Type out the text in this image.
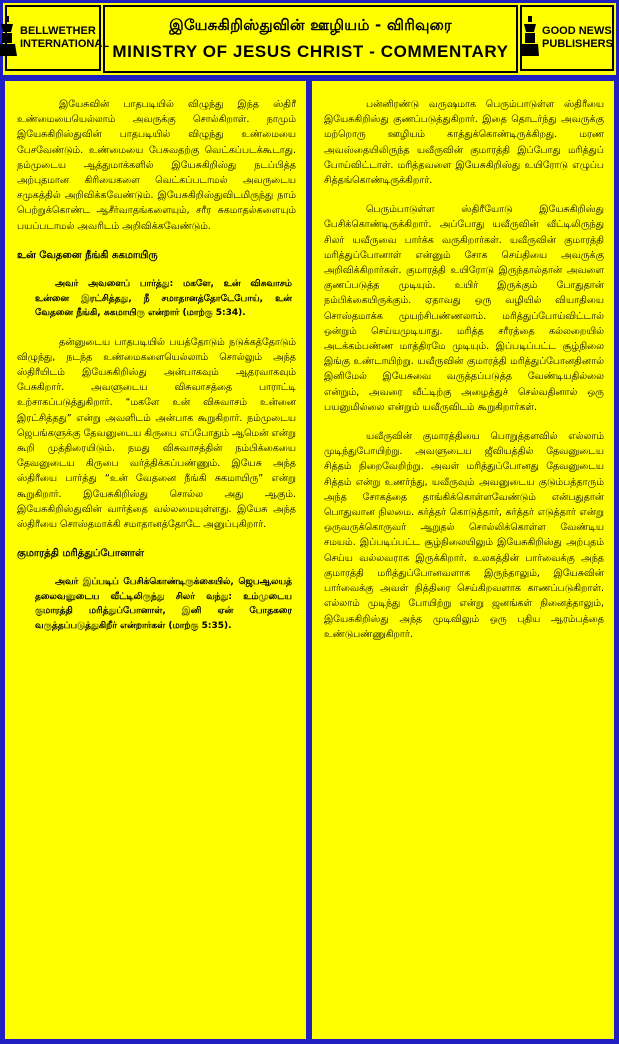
BELLWETHER
INTERNATIONAL
இயேசுகிறிஸ்துவின் ஊழியம் - விரிவுரை
MINISTRY OF JESUS CHRIST - COMMENTARY
GOOD NEWS
PUBLISHERS

இயேசுவின் பாதபடியில் விழுந்து இந்த ஸ்திரீ உண்மையையெல்லாம் அவருக்கு சொல்கிறாள். நாமும் இயேசுகிறிஸ்துவின் பாதபடியில் விழுந்து உண்மையை பேசவேண்டும். உண்மையை பேசுவதற்கு வெட்கப்படக்கூடாது. நம்முடைய ஆத்துமாக்களில் இயேசுகிறிஸ்து நடப்பித்த அற்புதமான கிரியைகளை வெட்கப்படாமல் அவருடைய சமுகத்தில் அறிவிக்கவேண்டும். இயேசுகிறிஸ்துவிடமிருந்து நாம் பெற்றுக்கொண்ட ஆசீர்வாதங்களையும், சரீர சுகமாதல்களையும் பயப்படாமல் அவரிடம் அறிவிக்கவேண்டும்.

உன் வேதனை நீங்கி சுகமாயிரு

அவர் அவளைப் பார்த்து: மகளே, உன் விசுவாசம் உன்னை இரட்சித்தது, நீ சமாதானத்தோடேபோய், உன் வேதனை நீங்கி, சுகமாயிரு என்றார் (மாற்கு 5:34).

தன்னுடைய பாதபடியில் பயத்தோடும் நடுக்கத்தோடும் விழுந்து, நடந்த உண்மைகளையெல்லாம் சொல்லும் அந்த ஸ்திரீயிடம் இயேசுகிறிஸ்து அன்பாகவும் ஆதரவாகவும் பேசுகிறார். அவளுடைய விசுவாசத்தை பாராட்டி உற்சாகப்படுத்துகிறார். “மகளே உன் விசுவாசம் உன்னை இரட்சித்தது” என்று அவளிடம் அன்பாக கூறுகிறார். நம்முடைய ஜெபங்களுக்கு தேவனுடைய கிருபை எப்போதும் ஆமென் என்று கூறி முத்திரையிடும். நமது விசுவாசத்தின் நம்பிக்கையை தேவனுடைய கிருபை வர்த்திக்கப்பண்ணும். இயேசு அந்த ஸ்திரீயை பார்த்து “உன் வேதனை நீங்கி சுகமாயிரு” என்று கூறுகிறார். இயேசுகிறிஸ்து சொல்ல அது ஆகும். இயேசுகிறிஸ்துவின் வார்த்தை வல்லமையுள்ளது. இயேசு அந்த ஸ்திரீயை சொஸ்தமாக்கி சமாதானத்தோடே அனுப்புகிறார்.

குமாரத்தி மரித்துப்போனாள்

அவர் இப்படிப் பேசிக்கொண்டிருக்கையில், ஜெபஆலயத் தலைவனுடைய வீட்டிலிருந்து சிலர் வந்து: உம்முடைய குமாரத்தி மரித்துப்போனாள், இனி ஏன் போதகரை வருத்தப்படுத்துகிறீர் என்றார்கள் (மாற்கு 5:35).

பன்னிரண்டு வருஷமாக பெரும்பாடுள்ள ஸ்திரீயை இயேசுகிறிஸ்து குணப்படுத்துகிறார். இதை தொடர்ந்து அவருக்கு மற்றொரு ஊழியம் காத்துக்கொண்டிருக்கிறது. மரண அவஸ்தையிலிருந்த யவீருவின் குமாரத்தி இப்போது மரித்துப் போய்விட்டாள். மரித்தவளை இயேசுகிறிஸ்து உயிரோடு எழுப்ப சித்தங்கொண்டிருக்கிறார்.

பெரும்பாடுள்ள ஸ்திரீயோடு இயேசுகிறிஸ்து பேசிக்கொண்டிருக்கிறார். அப்போது யவீருவின் வீட்டிலிருந்து சிலர் யவீருவை பார்க்க வருகிறார்கள். யவீருவின் குமாரத்தி மரித்துப்போனாள் என்னும் சோக செய்தியை அவருக்கு அறிவிக்கிறார்கள். குமாரத்தி உயிரோடு இருந்தால்தான் அவளை குணப்படுத்த முடியும். உயிர் இருக்கும் போதுதான் நம்பிக்கையிருக்கும். ஏதாவது ஒரு வழியில் வியாதியை சொஸ்தமாக்க முயற்சிபண்ணலாம். மரித்துப்போய்விட்டால் ஒன்றும் செய்யமுடியாது. மரித்த சரீரத்தை கல்லறையில் அடக்கம்பண்ண மாத்திரமே முடியும். இப்படிப்பட்ட சூழ்நிலை இங்கு உண்டாயிற்று. யவீருவின் குமாரத்தி மரித்துப்போனதினால் இனிமேல் இயேசுவை வருத்தப்படுத்த வேண்டியதில்லை என்றும், அவரை வீட்டிற்கு அழைத்துச் செல்வதினால் ஒரு பயனுமில்லை என்றும் யவீருவிடம் கூறுகிறார்கள்.

யவீருவின் குமாரத்தியை பொறுத்தளவில் எல்லாம் முடிந்துபோயிற்று. அவளுடைய ஜீவியத்தில் தேவனுடைய சித்தம் நிறைவேறிற்று. அவள் மரித்துப்போனது தேவனுடைய சித்தம் என்று உணர்ந்து, யவீருவும் அவனுடைய குடும்பத்தாரும் அந்த சோகத்தை தாங்கிக்கொள்ளவேண்டும் என்பதுதான் பொதுவான நிலமை. கர்த்தர் கொடுத்தார், கர்த்தர் எடுத்தார் என்று ஒருவருக்கொருவர் ஆறுதல் சொல்லிக்கொள்ள வேண்டிய சமயம். இப்படிப்பட்ட சூழ்நிலையிலும் இயேசுகிறிஸ்து அற்புதம் செய்ய வல்லவராக இருக்கிறார். உலகத்தின் பார்வைக்கு அந்த குமாரத்தி மரித்துப்போனவளாக இருந்தாலும், இயேசுவின் பார்வைக்கு அவள் நித்திரை செய்கிறவளாக காணப்படுகிறாள். எல்லாம் முடிந்து போயிற்று என்று ஜனங்கள் நினைத்தாலும், இயேசுகிறிஸ்து அந்த முடிவிலும் ஒரு புதிய ஆரம்பத்தை உண்டுபண்ணுகிறார்.
